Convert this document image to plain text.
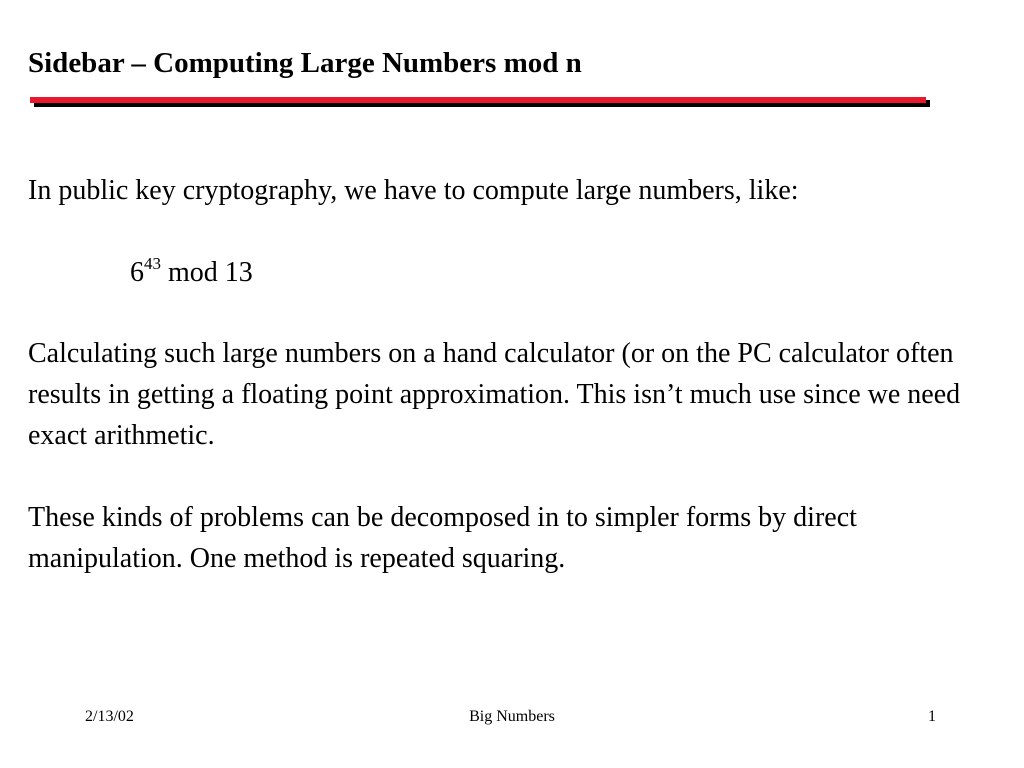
Sidebar – Computing Large Numbers mod n
In public key cryptography, we have to compute large numbers, like:
$6^{43}$ mod 13
Calculating such large numbers on a hand calculator (or on the PC calculator often results in getting a floating point approximation. This isn’t much use since we need exact arithmetic.
These kinds of problems can be decomposed in to simpler forms by direct manipulation. One method is repeated squaring.
2/13/02	Big Numbers	1
